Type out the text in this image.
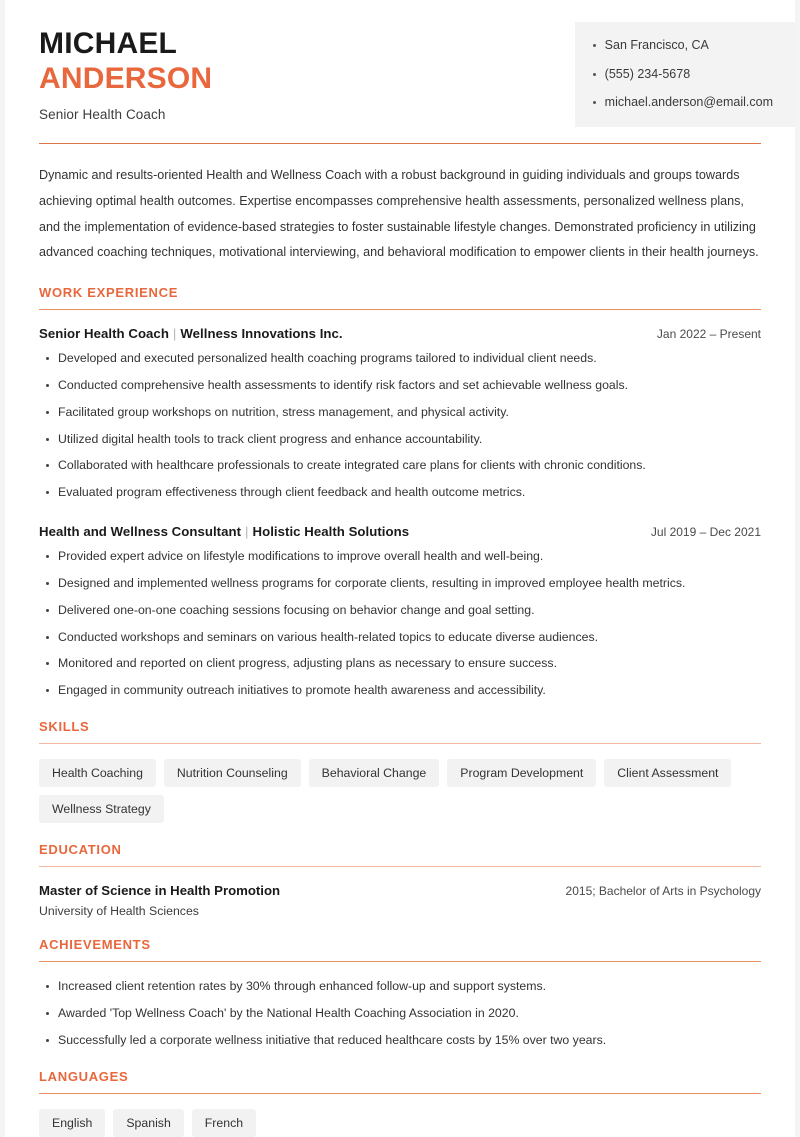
MICHAEL
ANDERSON
Senior Health Coach
San Francisco, CA
(555) 234-5678
michael.anderson@email.com

Dynamic and results-oriented Health and Wellness Coach with a robust background in guiding individuals and groups towards achieving optimal health outcomes. Expertise encompasses comprehensive health assessments, personalized wellness plans, and the implementation of evidence-based strategies to foster sustainable lifestyle changes. Demonstrated proficiency in utilizing advanced coaching techniques, motivational interviewing, and behavioral modification to empower clients in their health journeys.

WORK EXPERIENCE
Senior Health Coach | Wellness Innovations Inc.	Jan 2022 – Present
Developed and executed personalized health coaching programs tailored to individual client needs.
Conducted comprehensive health assessments to identify risk factors and set achievable wellness goals.
Facilitated group workshops on nutrition, stress management, and physical activity.
Utilized digital health tools to track client progress and enhance accountability.
Collaborated with healthcare professionals to create integrated care plans for clients with chronic conditions.
Evaluated program effectiveness through client feedback and health outcome metrics.
Health and Wellness Consultant | Holistic Health Solutions	Jul 2019 – Dec 2021
Provided expert advice on lifestyle modifications to improve overall health and well-being.
Designed and implemented wellness programs for corporate clients, resulting in improved employee health metrics.
Delivered one-on-one coaching sessions focusing on behavior change and goal setting.
Conducted workshops and seminars on various health-related topics to educate diverse audiences.
Monitored and reported on client progress, adjusting plans as necessary to ensure success.
Engaged in community outreach initiatives to promote health awareness and accessibility.
SKILLS
Health Coaching	Nutrition Counseling	Behavioral Change	Program Development	Client Assessment
Wellness Strategy
EDUCATION
Master of Science in Health Promotion	2015; Bachelor of Arts in Psychology
University of Health Sciences
ACHIEVEMENTS
Increased client retention rates by 30% through enhanced follow-up and support systems.
Awarded 'Top Wellness Coach' by the National Health Coaching Association in 2020.
Successfully led a corporate wellness initiative that reduced healthcare costs by 15% over two years.
LANGUAGES
English	Spanish	French
